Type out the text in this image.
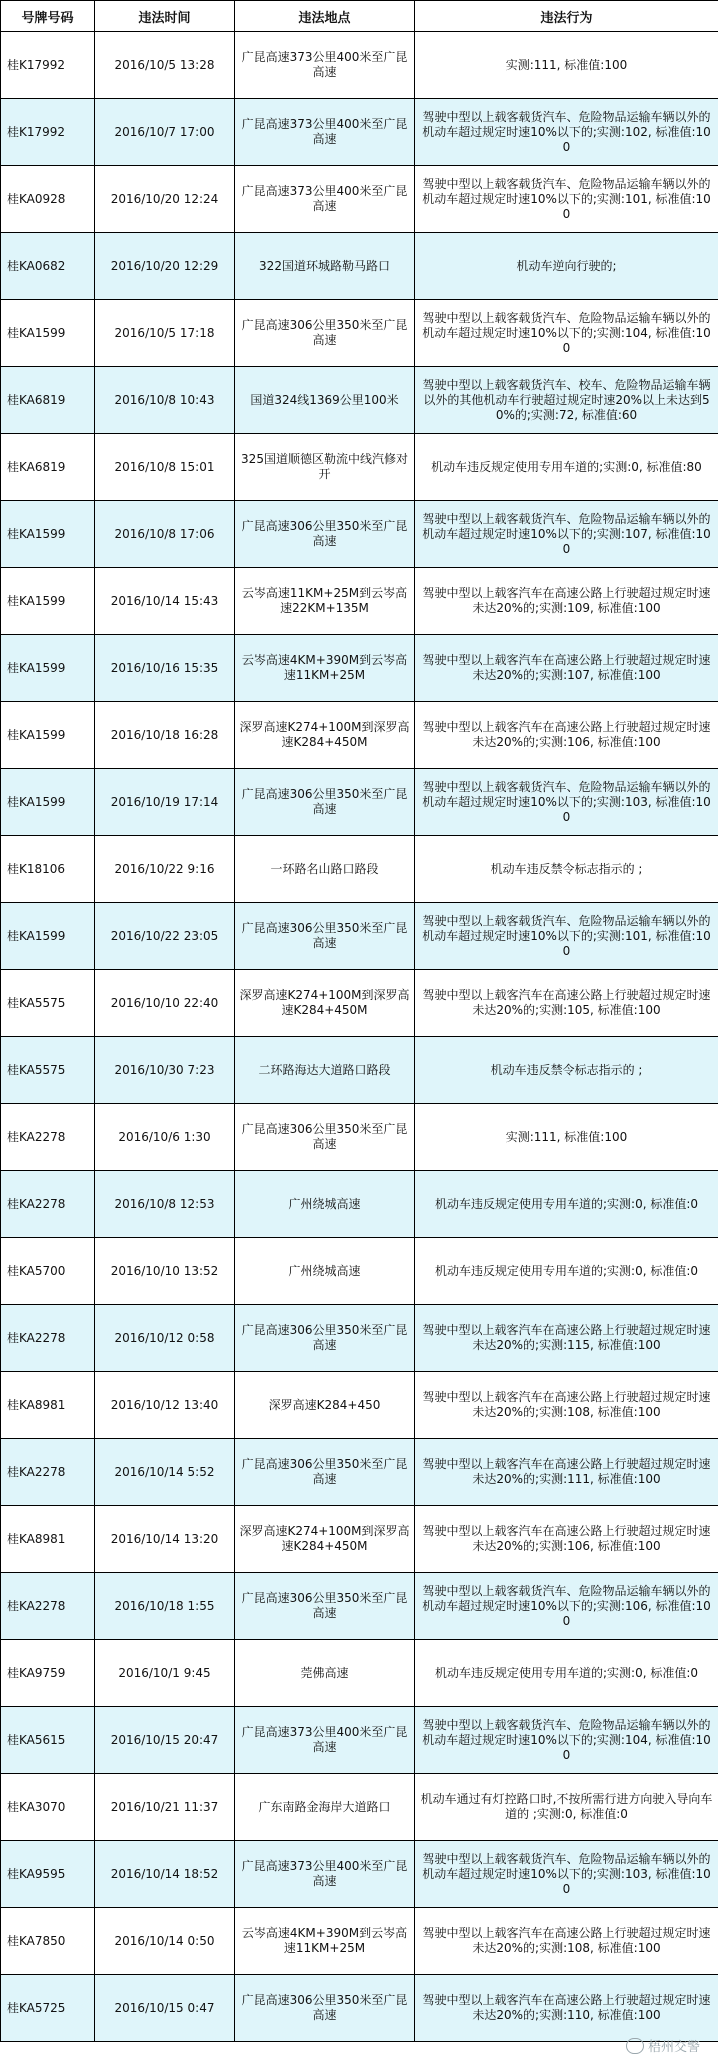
号牌号码	违法时间	违法地点	违法行为
桂K17992	2016/10/5 13:28	广昆高速373公里400米至广昆高速	实测:111, 标准值:100
桂K17992	2016/10/7 17:00	广昆高速373公里400米至广昆高速	驾驶中型以上载客载货汽车、危险物品运输车辆以外的机动车超过规定时速10%以下的;实测:102, 标准值:100
桂KA0928	2016/10/20 12:24	广昆高速373公里400米至广昆高速	驾驶中型以上载客载货汽车、危险物品运输车辆以外的机动车超过规定时速10%以下的;实测:101, 标准值:100
桂KA0682	2016/10/20 12:29	322国道环城路勒马路口	机动车逆向行驶的;
桂KA1599	2016/10/5 17:18	广昆高速306公里350米至广昆高速	驾驶中型以上载客载货汽车、危险物品运输车辆以外的机动车超过规定时速10%以下的;实测:104, 标准值:100
桂KA6819	2016/10/8 10:43	国道324线1369公里100米	驾驶中型以上载客载货汽车、校车、危险物品运输车辆以外的其他机动车行驶超过规定时速20%以上未达到50%的;实测:72, 标准值:60
桂KA6819	2016/10/8 15:01	325国道顺德区勒流中线汽修对开	机动车违反规定使用专用车道的;实测:0, 标准值:80
桂KA1599	2016/10/8 17:06	广昆高速306公里350米至广昆高速	驾驶中型以上载客载货汽车、危险物品运输车辆以外的机动车超过规定时速10%以下的;实测:107, 标准值:100
桂KA1599	2016/10/14 15:43	云岑高速11KM+25M到云岑高速22KM+135M	驾驶中型以上载客汽车在高速公路上行驶超过规定时速未达20%的;实测:109, 标准值:100
桂KA1599	2016/10/16 15:35	云岑高速4KM+390M到云岑高速11KM+25M	驾驶中型以上载客汽车在高速公路上行驶超过规定时速未达20%的;实测:107, 标准值:100
桂KA1599	2016/10/18 16:28	深罗高速K274+100M到深罗高速K284+450M	驾驶中型以上载客汽车在高速公路上行驶超过规定时速未达20%的;实测:106, 标准值:100
桂KA1599	2016/10/19 17:14	广昆高速306公里350米至广昆高速	驾驶中型以上载客载货汽车、危险物品运输车辆以外的机动车超过规定时速10%以下的;实测:103, 标准值:100
桂K18106	2016/10/22 9:16	一环路名山路口路段	机动车违反禁令标志指示的 ;
桂KA1599	2016/10/22 23:05	广昆高速306公里350米至广昆高速	驾驶中型以上载客载货汽车、危险物品运输车辆以外的机动车超过规定时速10%以下的;实测:101, 标准值:100
桂KA5575	2016/10/10 22:40	深罗高速K274+100M到深罗高速K284+450M	驾驶中型以上载客汽车在高速公路上行驶超过规定时速未达20%的;实测:105, 标准值:100
桂KA5575	2016/10/30 7:23	二环路海达大道路口路段	机动车违反禁令标志指示的 ;
桂KA2278	2016/10/6 1:30	广昆高速306公里350米至广昆高速	实测:111, 标准值:100
桂KA2278	2016/10/8 12:53	广州绕城高速	机动车违反规定使用专用车道的;实测:0, 标准值:0
桂KA5700	2016/10/10 13:52	广州绕城高速	机动车违反规定使用专用车道的;实测:0, 标准值:0
桂KA2278	2016/10/12 0:58	广昆高速306公里350米至广昆高速	驾驶中型以上载客汽车在高速公路上行驶超过规定时速未达20%的;实测:115, 标准值:100
桂KA8981	2016/10/12 13:40	深罗高速K284+450	驾驶中型以上载客汽车在高速公路上行驶超过规定时速未达20%的;实测:108, 标准值:100
桂KA2278	2016/10/14 5:52	广昆高速306公里350米至广昆高速	驾驶中型以上载客汽车在高速公路上行驶超过规定时速未达20%的;实测:111, 标准值:100
桂KA8981	2016/10/14 13:20	深罗高速K274+100M到深罗高速K284+450M	驾驶中型以上载客汽车在高速公路上行驶超过规定时速未达20%的;实测:106, 标准值:100
桂KA2278	2016/10/18 1:55	广昆高速306公里350米至广昆高速	驾驶中型以上载客载货汽车、危险物品运输车辆以外的机动车超过规定时速10%以下的;实测:106, 标准值:100
桂KA9759	2016/10/1 9:45	莞佛高速	机动车违反规定使用专用车道的;实测:0, 标准值:0
桂KA5615	2016/10/15 20:47	广昆高速373公里400米至广昆高速	驾驶中型以上载客载货汽车、危险物品运输车辆以外的机动车超过规定时速10%以下的;实测:104, 标准值:100
桂KA3070	2016/10/21 11:37	广东南路金海岸大道路口	机动车通过有灯控路口时,不按所需行进方向驶入导向车道的 ;实测:0, 标准值:0
桂KA9595	2016/10/14 18:52	广昆高速373公里400米至广昆高速	驾驶中型以上载客载货汽车、危险物品运输车辆以外的机动车超过规定时速10%以下的;实测:103, 标准值:100
桂KA7850	2016/10/14 0:50	云岑高速4KM+390M到云岑高速11KM+25M	驾驶中型以上载客汽车在高速公路上行驶超过规定时速未达20%的;实测:108, 标准值:100
桂KA5725	2016/10/15 0:47	广昆高速306公里350米至广昆高速	驾驶中型以上载客汽车在高速公路上行驶超过规定时速未达20%的;实测:110, 标准值:100
梧州交警
